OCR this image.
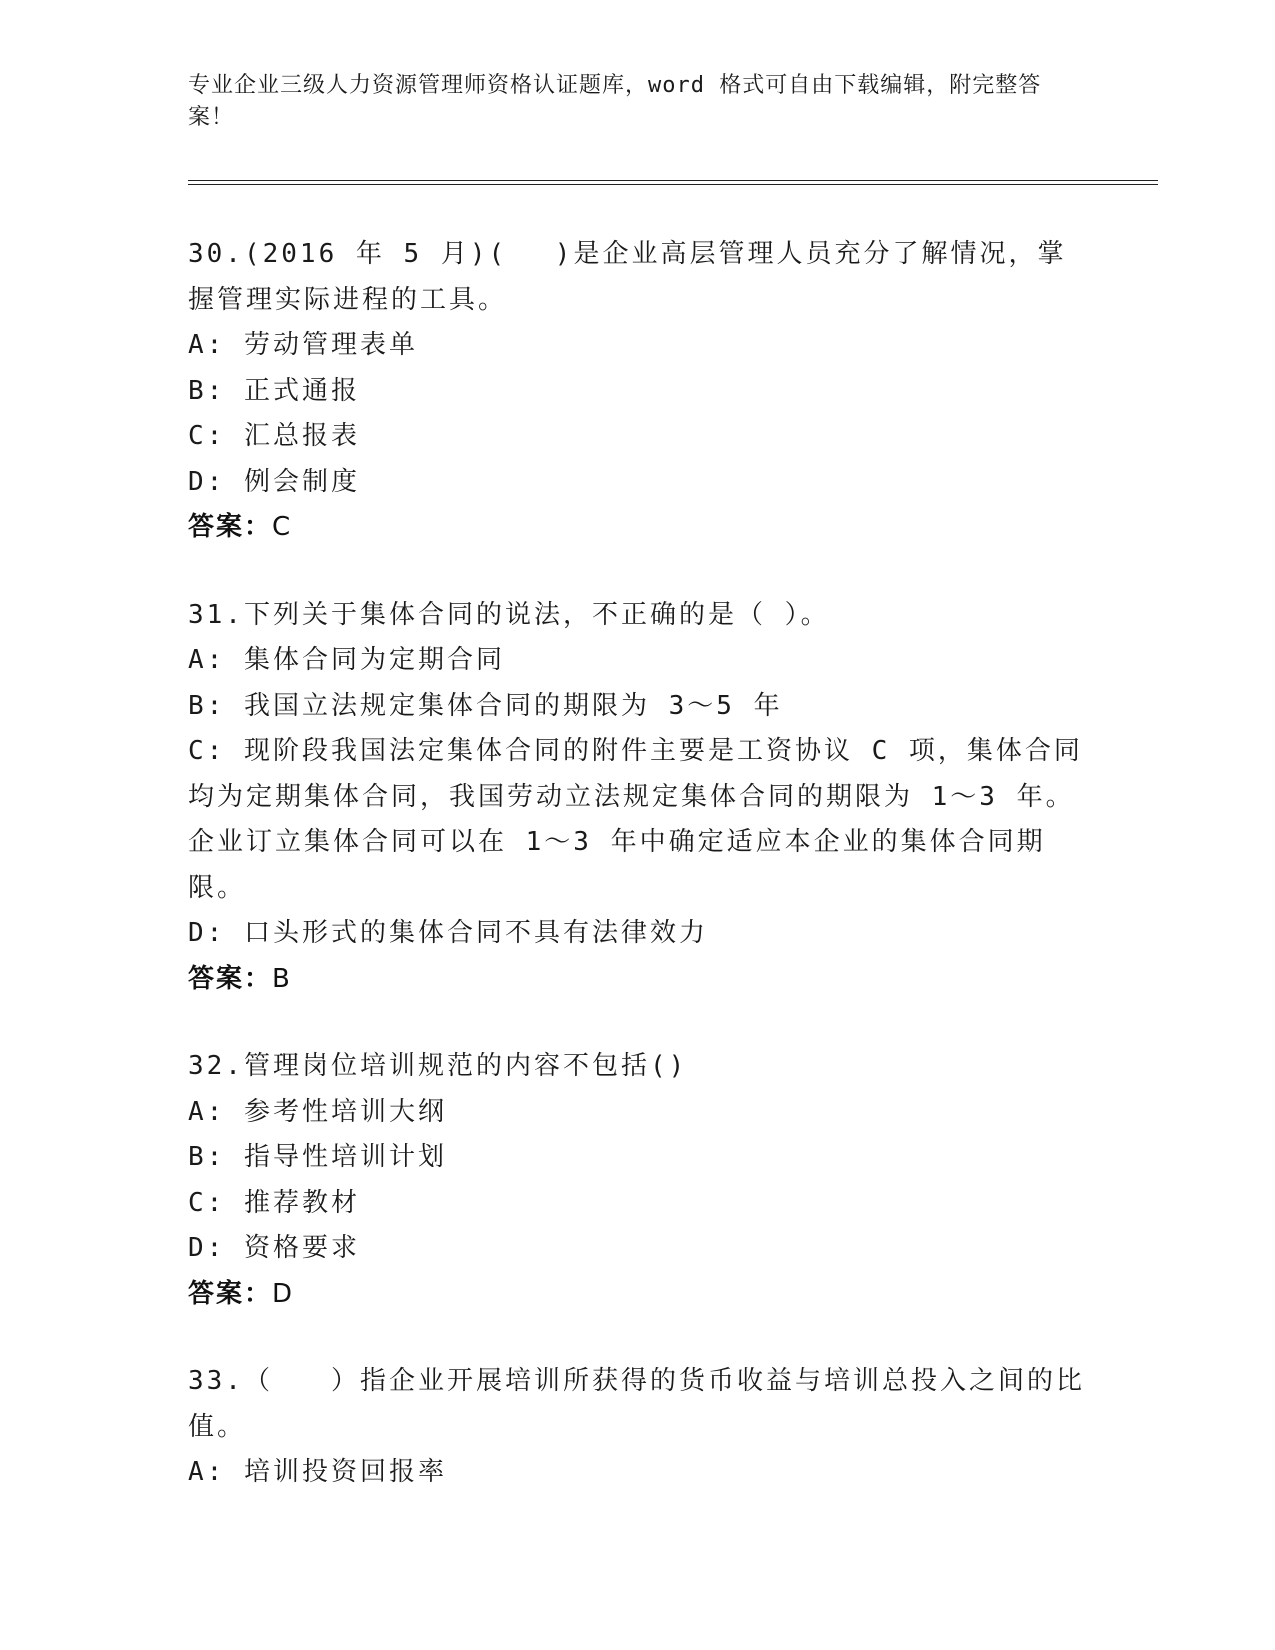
专业企业三级人力资源管理师资格认证题库，word 格式可自由下载编辑，附完整答案！

30.(2016 年 5 月)(　 )是企业高层管理人员充分了解情况，掌握管理实际进程的工具。

A: 劳动管理表单

B: 正式通报

C: 汇总报表

D: 例会制度

答案：C

31.下列关于集体合同的说法，不正确的是（ ）。

A: 集体合同为定期合同

B: 我国立法规定集体合同的期限为 3～5 年

C: 现阶段我国法定集体合同的附件主要是工资协议 C 项，集体合同均为定期集体合同，我国劳动立法规定集体合同的期限为 1～3 年。企业订立集体合同可以在 1～3 年中确定适应本企业的集体合同期限。

D: 口头形式的集体合同不具有法律效力

答案：B

32.管理岗位培训规范的内容不包括()

A: 参考性培训大纲

B: 指导性培训计划

C: 推荐教材

D: 资格要求

答案：D

33.（　　）指企业开展培训所获得的货币收益与培训总投入之间的比值。

A: 培训投资回报率
